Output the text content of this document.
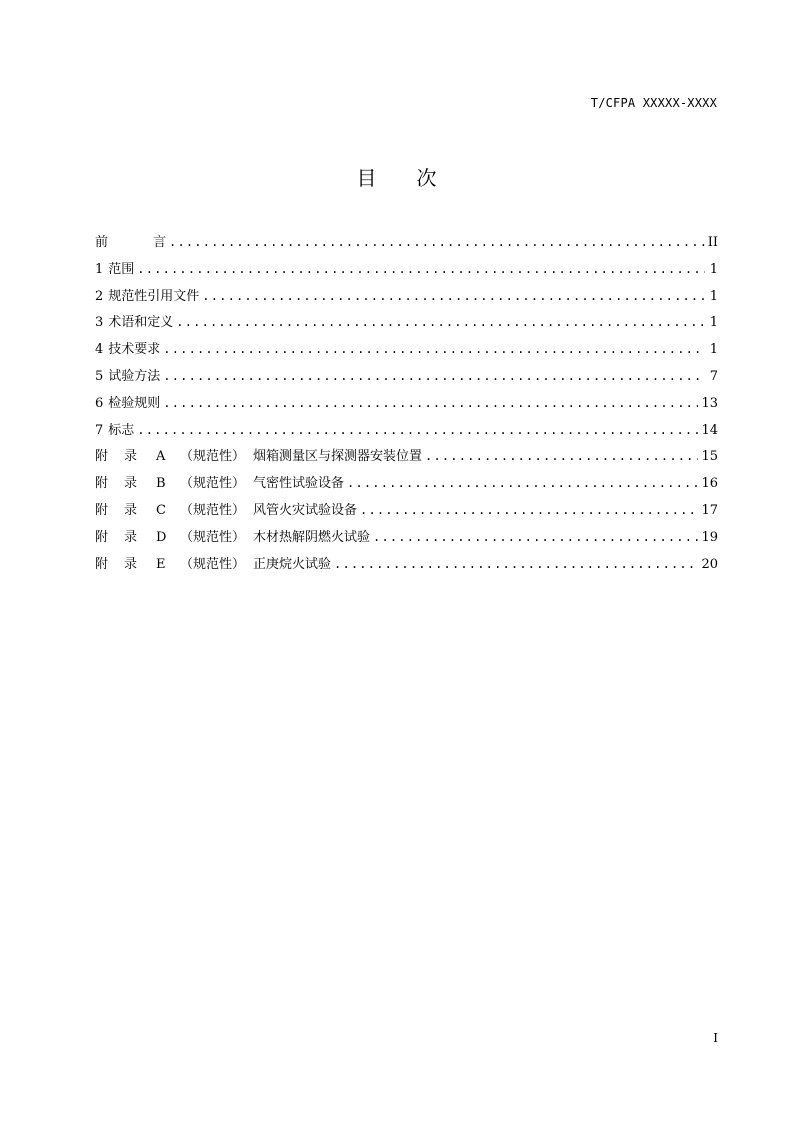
T/CFPA XXXXX-XXXX
目 次
前	言 .....	II
1 范围 .....	1
2 规范性引用文件 .....	1
3 术语和定义 .....	1
4 技术要求 .....	1
5 试验方法 .....	7
6 检验规则 .....	13
7 标志 .....	14
附 录 A （规范性） 烟箱测量区与探测器安装位置 .....	15
附 录 B （规范性） 气密性试验设备 .....	16
附 录 C （规范性） 风管火灾试验设备 .....	17
附 录 D （规范性） 木材热解阴燃火试验 .....	19
附 录 E （规范性） 正庚烷火试验 .....	20
I
